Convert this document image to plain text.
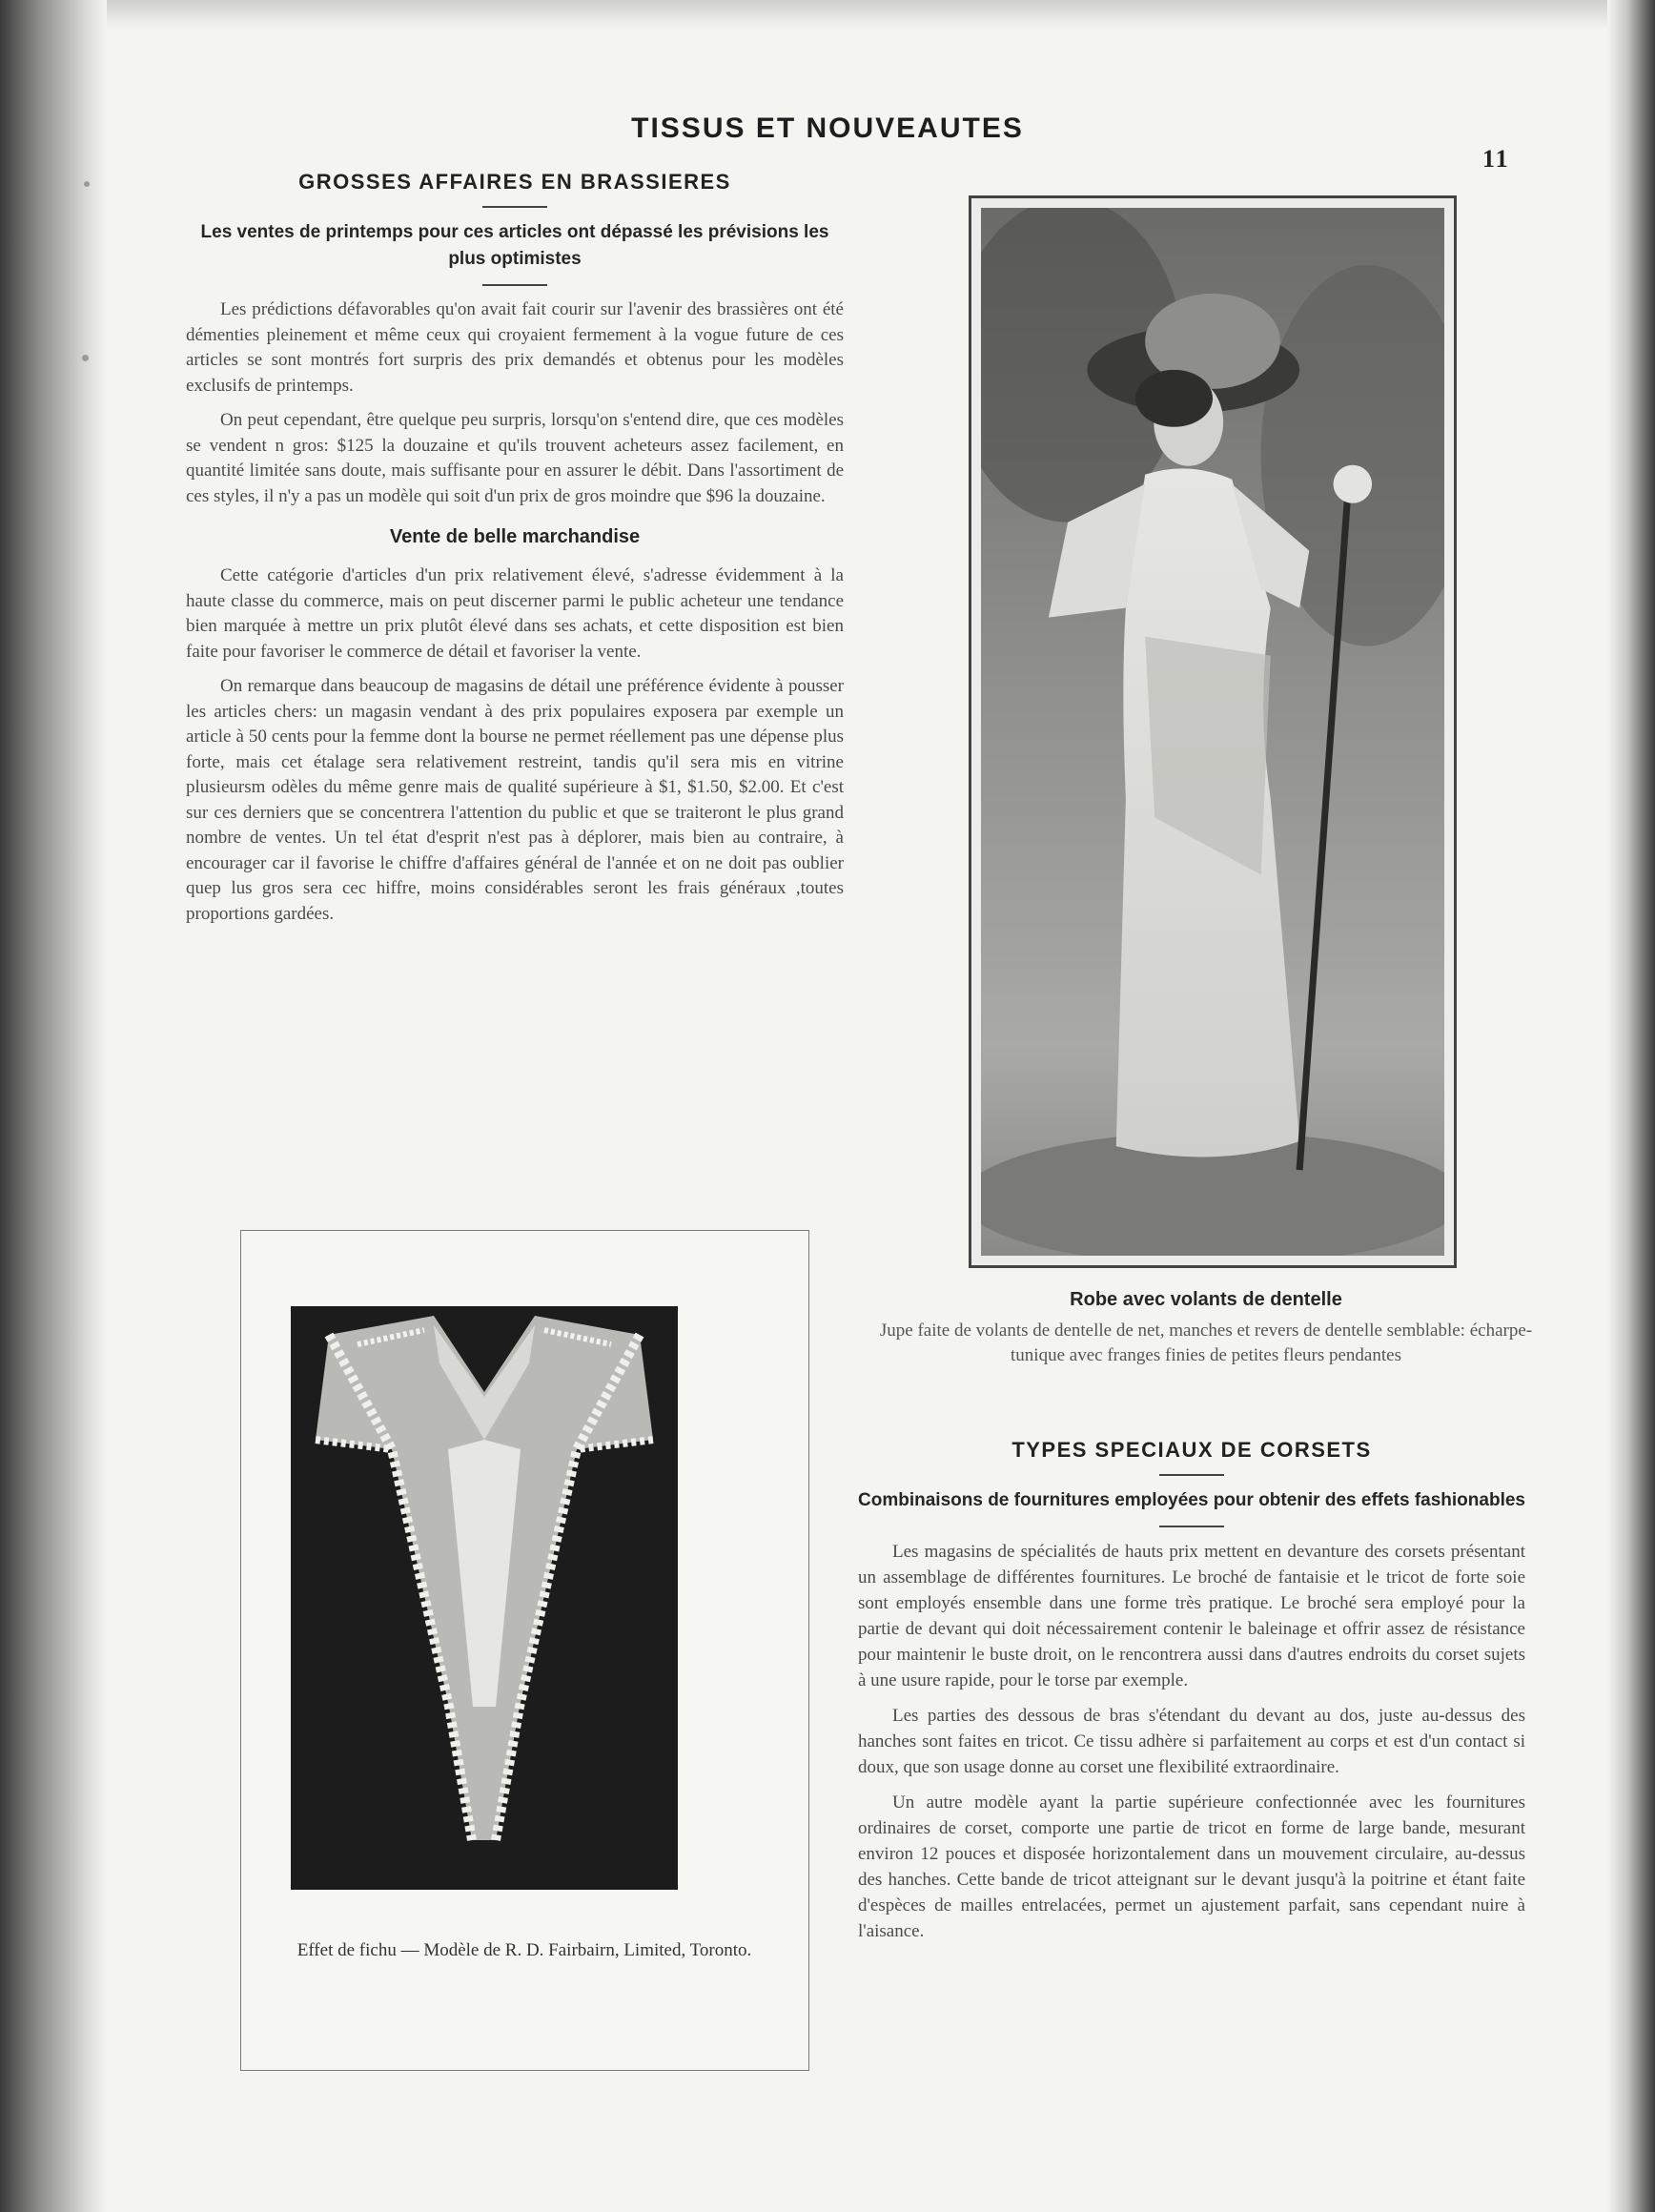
TISSUS ET NOUVEAUTES
11
GROSSES AFFAIRES EN BRASSIERES

Les ventes de printemps pour ces articles ont dépassé les prévisions les plus optimistes

Les prédictions défavorables qu'on avait fait courir sur l'avenir des brassières ont été démenties pleinement et même ceux qui croyaient fermement à la vogue future de ces articles se sont montrés fort surpris des prix demandés et obtenus pour les modèles exclusifs de printemps.

On peut cependant, être quelque peu surpris, lorsqu'on s'entend dire, que ces modèles se vendent n gros: $125 la douzaine et qu'ils trouvent acheteurs assez facilement, en quantité limitée sans doute, mais suffisante pour en assurer le débit. Dans l'assortiment de ces styles, il n'y a pas un modèle qui soit d'un prix de gros moindre que $96 la douzaine.

Vente de belle marchandise

Cette catégorie d'articles d'un prix relativement élevé, s'adresse évidemment à la haute classe du commerce, mais on peut discerner parmi le public acheteur une tendance bien marquée à mettre un prix plutôt élevé dans ses achats, et cette disposition est bien faite pour favoriser le commerce de détail et favoriser la vente.

On remarque dans beaucoup de magasins de détail une préférence évidente à pousser les articles chers: un magasin vendant à des prix populaires exposera par exemple un article à 50 cents pour la femme dont la bourse ne permet réellement pas une dépense plus forte, mais cet étalage sera relativement restreint, tandis qu'il sera mis en vitrine plusieursm odèles du même genre mais de qualité supérieure à $1, $1.50, $2.00. Et c'est sur ces derniers que se concentrera l'attention du public et que se traiteront le plus grand nombre de ventes. Un tel état d'esprit n'est pas à déplorer, mais bien au contraire, à encourager car il favorise le chiffre d'affaires général de l'année et on ne doit pas oublier quep lus gros sera cec hiffre, moins considérables seront les frais généraux ,toutes proportions gardées.

Robe avec volants de dentelle
Jupe faite de volants de dentelle de net, manches et revers de dentelle semblable: écharpe-tunique avec franges finies de petites fleurs pendantes
TYPES SPECIAUX DE CORSETS

Combinaisons de fournitures employées pour obtenir des effets fashionables

Les magasins de spécialités de hauts prix mettent en devanture des corsets présentant un assemblage de différentes fournitures. Le broché de fantaisie et le tricot de forte soie sont employés ensemble dans une forme très pratique. Le broché sera employé pour la partie de devant qui doit nécessairement contenir le baleinage et offrir assez de résistance pour maintenir le buste droit, on le rencontrera aussi dans d'autres endroits du corset sujets à une usure rapide, pour le torse par exemple.

Les parties des dessous de bras s'étendant du devant au dos, juste au-dessus des hanches sont faites en tricot. Ce tissu adhère si parfaitement au corps et est d'un contact si doux, que son usage donne au corset une flexibilité extraordinaire.

Un autre modèle ayant la partie supérieure confectionnée avec les fournitures ordinaires de corset, comporte une partie de tricot en forme de large bande, mesurant environ 12 pouces et disposée horizontalement dans un mouvement circulaire, au-dessus des hanches. Cette bande de tricot atteignant sur le devant jusqu'à la poitrine et étant faite d'espèces de mailles entrelacées, permet un ajustement parfait, sans cependant nuire à l'aisance.

Effet de fichu — Modèle de R. D. Fairbairn, Limited, Toronto.
